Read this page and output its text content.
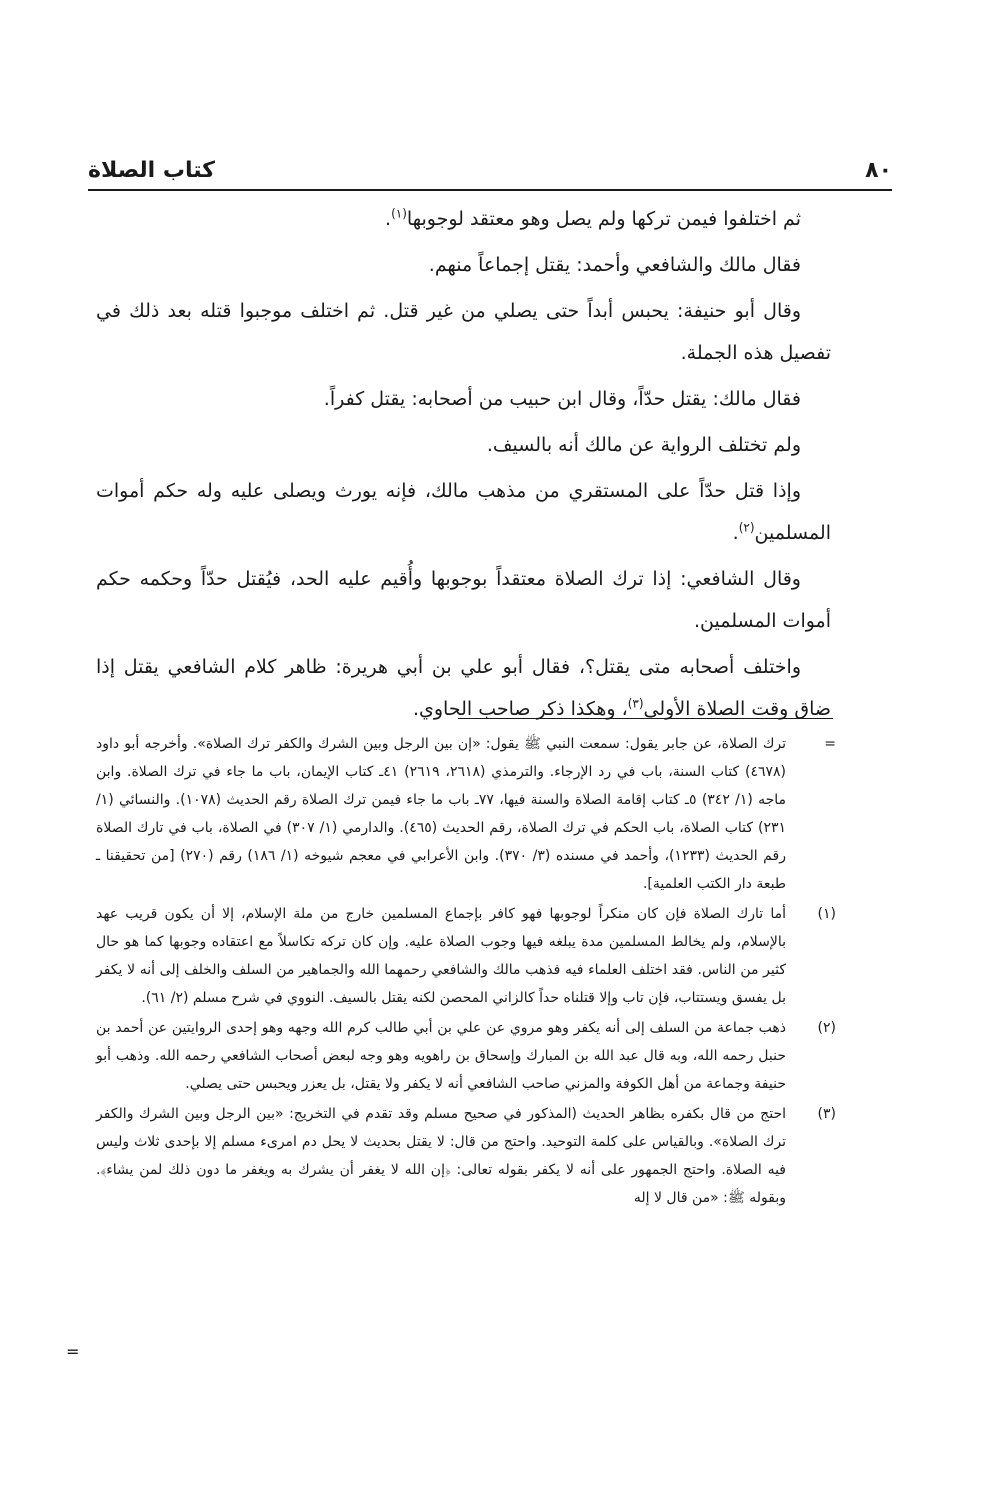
٨٠
كتاب الصلاة

ثم اختلفوا فيمن تركها ولم يصل وهو معتقد لوجوبها$^{(١)}$.

فقال مالك والشافعي وأحمد: يقتل إجماعاً منهم.

وقال أبو حنيفة: يحبس أبداً حتى يصلي من غير قتل. ثم اختلف موجبوا قتله بعد ذلك في تفصيل هذه الجملة.

فقال مالك: يقتل حدّاً، وقال ابن حبيب من أصحابه: يقتل كفراً.

ولم تختلف الرواية عن مالك أنه بالسيف.

وإذا قتل حدّاً على المستقري من مذهب مالك، فإنه يورث ويصلى عليه وله حكم أموات المسلمين$^{(٢)}$.

وقال الشافعي: إذا ترك الصلاة معتقداً بوجوبها وأُقيم عليه الحد، فيُقتل حدّاً وحكمه حكم أموات المسلمين.

واختلف أصحابه متى يقتل؟، فقال أبو علي بن أبي هريرة: ظاهر كلام الشافعي يقتل إذا ضاق وقت الصلاة الأولى$^{(٣)}$، وهكذا ذكر صاحب الحاوي.

=
ترك الصلاة، عن جابر يقول: سمعت النبي ﷺ يقول: «إن بين الرجل وبين الشرك والكفر ترك الصلاة». وأخرجه أبو داود (٤٦٧٨) كتاب السنة، باب في رد الإرجاء. والترمذي (٢٦١٨، ٢٦١٩) ٤١ـ كتاب الإيمان، باب ما جاء في ترك الصلاة. وابن ماجه (١/ ٣٤٢) ٥ـ كتاب إقامة الصلاة والسنة فيها، ٧٧ـ باب ما جاء فيمن ترك الصلاة رقم الحديث (١٠٧٨). والنسائي (١/ ٢٣١) كتاب الصلاة، باب الحكم في ترك الصلاة، رقم الحديث (٤٦٥). والدارمي (١/ ٣٠٧) في الصلاة، باب في تارك الصلاة رقم الحديث (١٢٣٣)، وأحمد في مسنده (٣/ ٣٧٠). وابن الأعرابي في معجم شيوخه (١/ ١٨٦) رقم (٢٧٠) [من تحقيقنا ـ طبعة دار الكتب العلمية].
(١)
أما تارك الصلاة فإن كان منكراً لوجوبها فهو كافر بإجماع المسلمين خارج من ملة الإسلام، إلا أن يكون قريب عهد بالإسلام، ولم يخالط المسلمين مدة يبلغه فيها وجوب الصلاة عليه. وإن كان تركه تكاسلاً مع اعتقاده وجوبها كما هو حال كثير من الناس. فقد اختلف العلماء فيه فذهب مالك والشافعي رحمهما الله والجماهير من السلف والخلف إلى أنه لا يكفر بل يفسق ويستتاب، فإن تاب وإلا قتلناه حداً كالزاني المحصن لكنه يقتل بالسيف. النووي في شرح مسلم (٢/ ٦١).
(٢)
ذهب جماعة من السلف إلى أنه يكفر وهو مروي عن علي بن أبي طالب كرم الله وجهه وهو إحدى الروايتين عن أحمد بن حنبل رحمه الله، وبه قال عبد الله بن المبارك وإسحاق بن راهويه وهو وجه لبعض أصحاب الشافعي رحمه الله. وذهب أبو حنيفة وجماعة من أهل الكوفة والمزني صاحب الشافعي أنه لا يكفر ولا يقتل، بل يعزر ويحبس حتى يصلي.
(٣)
احتج من قال بكفره بظاهر الحديث (المذكور في صحيح مسلم وقد تقدم في التخريج: «بين الرجل وبين الشرك والكفر ترك الصلاة». وبالقياس على كلمة التوحيد. واحتج من قال: لا يقتل بحديث لا يحل دم امرىء مسلم إلا بإحدى ثلاث وليس فيه الصلاة. واحتج الجمهور على أنه لا يكفر بقوله تعالى: ﴿إن الله لا يغفر أن يشرك به ويغفر ما دون ذلك لمن يشاء﴾. وبقوله ﷺ: «من قال لا إله
=
